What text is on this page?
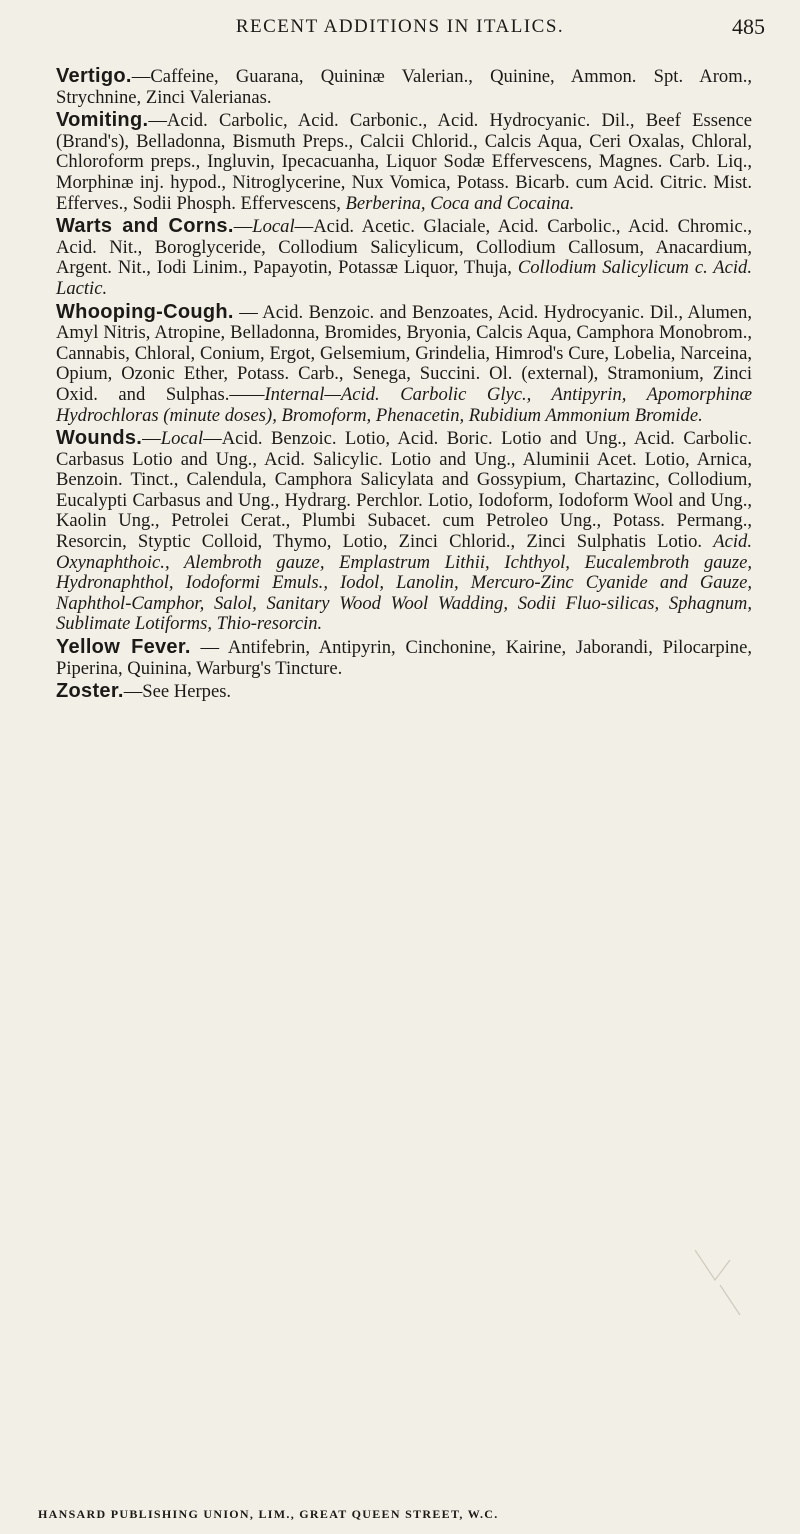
RECENT ADDITIONS IN ITALICS.	485

Vertigo.—Caffeine, Guarana, Quininæ Valerian., Quinine, Ammon. Spt. Arom., Strychnine, Zinci Valerianas.

Vomiting.—Acid. Carbolic, Acid. Carbonic., Acid. Hydrocyanic. Dil., Beef Essence (Brand's), Belladonna, Bismuth Preps., Calcii Chlorid., Calcis Aqua, Ceri Oxalas, Chloral, Chloroform preps., Ingluvin, Ipecacuanha, Liquor Sodæ Effervescens, Magnes. Carb. Liq., Morphinæ inj. hypod., Nitroglycerine, Nux Vomica, Potass. Bicarb. cum Acid. Citric. Mist. Efferves., Sodii Phosph. Effervescens, Berberina, Coca and Cocaina.

Warts and Corns.—Local—Acid. Acetic. Glaciale, Acid. Carbolic., Acid. Chromic., Acid. Nit., Boroglyceride, Collodium Salicylicum, Collodium Callosum, Anacardium, Argent. Nit., Iodi Linim., Papayotin, Potassæ Liquor, Thuja, Collodium Salicylicum c. Acid. Lactic.

Whooping-Cough. — Acid. Benzoic. and Benzoates, Acid. Hydrocyanic. Dil., Alumen, Amyl Nitris, Atropine, Belladonna, Bromides, Bryonia, Calcis Aqua, Camphora Monobrom., Cannabis, Chloral, Conium, Ergot, Gelsemium, Grindelia, Himrod's Cure, Lobelia, Narceina, Opium, Ozonic Ether, Potass. Carb., Senega, Succini. Ol. (external), Stramonium, Zinci Oxid. and Sulphas.——Internal—Acid. Carbolic Glyc., Antipyrin, Apomorphinæ Hydrochloras (minute doses), Bromoform, Phenacetin, Rubidium Ammonium Bromide.

Wounds.—Local—Acid. Benzoic. Lotio, Acid. Boric. Lotio and Ung., Acid. Carbolic. Carbasus Lotio and Ung., Acid. Salicylic. Lotio and Ung., Aluminii Acet. Lotio, Arnica, Benzoin. Tinct., Calendula, Camphora Salicylata and Gossypium, Chartazinc, Collodium, Eucalypti Carbasus and Ung., Hydrarg. Perchlor. Lotio, Iodoform, Iodoform Wool and Ung., Kaolin Ung., Petrolei Cerat., Plumbi Subacet. cum Petroleo Ung., Potass. Permang., Resorcin, Styptic Colloid, Thymo, Lotio, Zinci Chlorid., Zinci Sulphatis Lotio. Acid. Oxynaphthoic., Alembroth gauze, Emplastrum Lithii, Ichthyol, Eucalembroth gauze, Hydronaphthol, Iodoformi Emuls., Iodol, Lanolin, Mercuro-Zinc Cyanide and Gauze, Naphthol-Camphor, Salol, Sanitary Wood Wool Wadding, Sodii Fluo-silicas, Sphagnum, Sublimate Lotiforms, Thio-resorcin.

Yellow Fever. — Antifebrin, Antipyrin, Cinchonine, Kairine, Jaborandi, Pilocarpine, Piperina, Quinina, Warburg's Tincture.

Zoster.—See Herpes.

HANSARD PUBLISHING UNION, LIM., GREAT QUEEN STREET, W.C.
